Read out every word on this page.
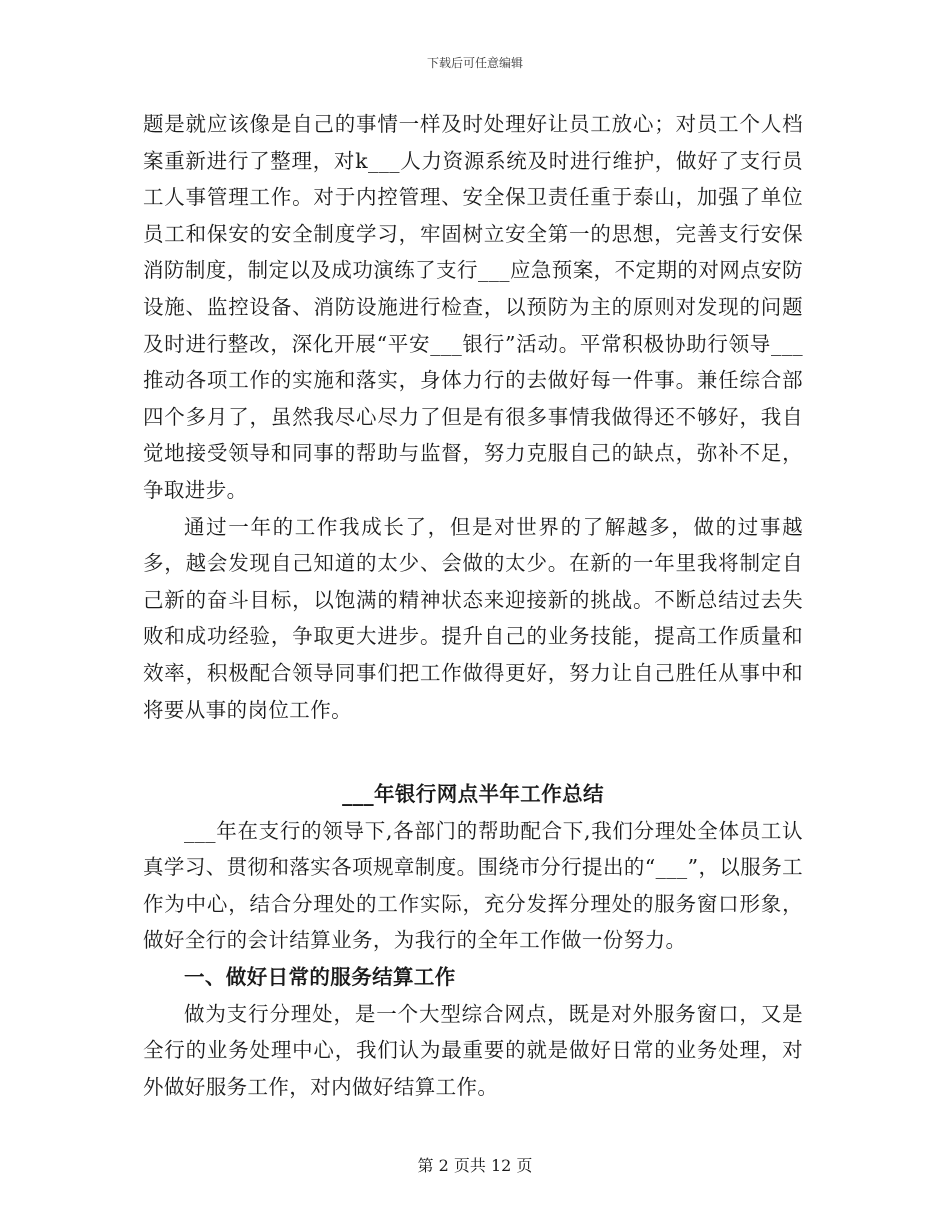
下载后可任意编辑

题是就应该像是自己的事情一样及时处理好让员工放心；对员工个人档案重新进行了整理，对k___人力资源系统及时进行维护，做好了支行员工人事管理工作。对于内控管理、安全保卫责任重于泰山，加强了单位员工和保安的安全制度学习，牢固树立安全第一的思想，完善支行安保消防制度，制定以及成功演练了支行___应急预案，不定期的对网点安防设施、监控设备、消防设施进行检查，以预防为主的原则对发现的问题及时进行整改，深化开展“平安___银行”活动。平常积极协助行领导___推动各项工作的实施和落实，身体力行的去做好每一件事。兼任综合部四个多月了，虽然我尽心尽力了但是有很多事情我做得还不够好，我自觉地接受领导和同事的帮助与监督，努力克服自己的缺点，弥补不足，争取进步。

通过一年的工作我成长了，但是对世界的了解越多，做的过事越多，越会发现自己知道的太少、会做的太少。在新的一年里我将制定自己新的奋斗目标，以饱满的精神状态来迎接新的挑战。不断总结过去失败和成功经验，争取更大进步。提升自己的业务技能，提高工作质量和效率，积极配合领导同事们把工作做得更好，努力让自己胜任从事中和将要从事的岗位工作。

___年银行网点半年工作总结

___年在支行的领导下,各部门的帮助配合下,我们分理处全体员工认真学习、贯彻和落实各项规章制度。围绕市分行提出的“___”，以服务工作为中心，结合分理处的工作实际，充分发挥分理处的服务窗口形象，做好全行的会计结算业务，为我行的全年工作做一份努力。

一、做好日常的服务结算工作

做为支行分理处，是一个大型综合网点，既是对外服务窗口，又是全行的业务处理中心，我们认为最重要的就是做好日常的业务处理，对外做好服务工作，对内做好结算工作。

第 2 页共 12 页
